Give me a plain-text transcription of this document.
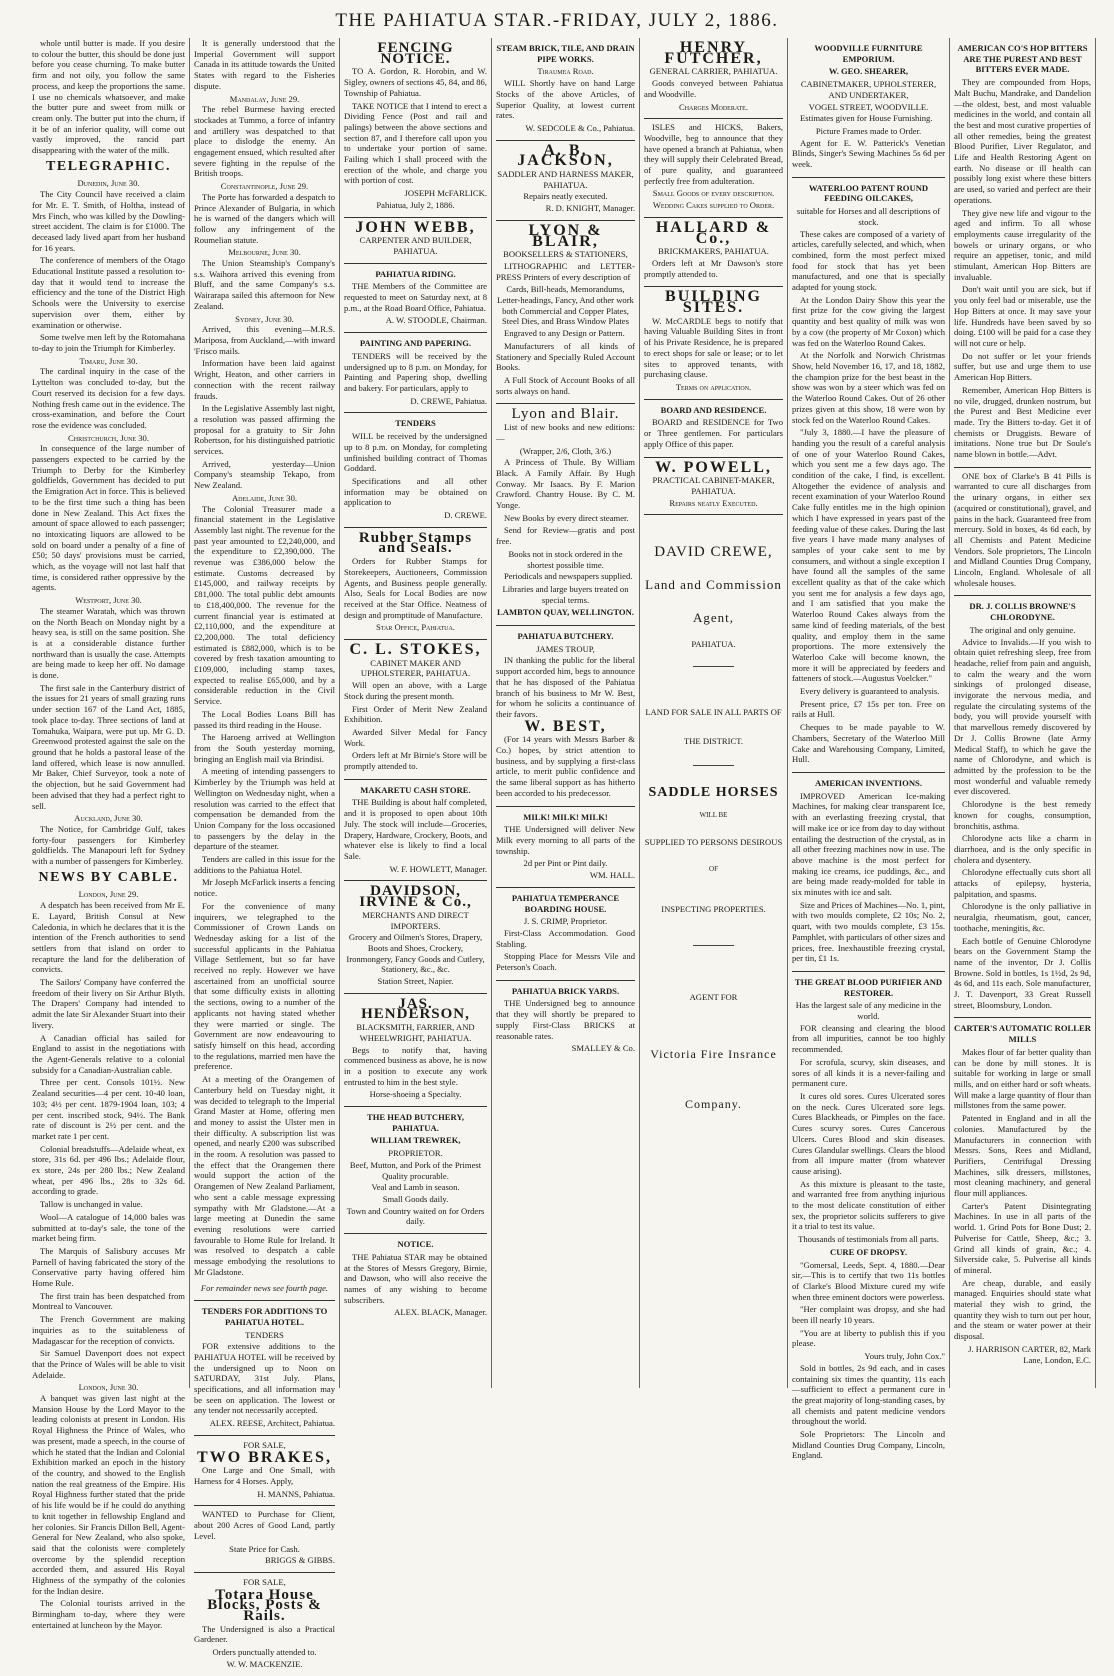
THE PAHIATUA STAR.-FRIDAY, JULY 2, 1886.

whole until butter is made. If you desire to colour the butter, this should be done just before you cease churning. To make butter firm and not oily, you follow the same process, and keep the proportions the same. I use no chemicals whatsoever, and make the butter pure and sweet from milk or cream only. The butter put into the churn, if it be of an inferior quality, will come out vastly improved, the rancid part disappearing with the water of the milk.

TELEGRAPHIC.

Dunedin, June 30.

The City Council have received a claim for Mr. E. T. Smith, of Holtha, instead of Mrs Finch, who was killed by the Dowling-street accident. The claim is for £1000. The deceased lady lived apart from her husband for 16 years.

The conference of members of the Otago Educational Institute passed a resolution to-day that it would tend to increase the efficiency and the tone of the District High Schools were the University to exercise supervision over them, either by examination or otherwise.

Some twelve men left by the Rotomahana to-day to join the Triumph for Kimberley.

Timaru, June 30.

The cardinal inquiry in the case of the Lyttelton was concluded to-day, but the Court reserved its decision for a few days. Nothing fresh came out in the evidence. The cross-examination, and before the Court rose the evidence was concluded.

Christchurch, June 30.

In consequence of the large number of passengers expected to be carried by the Triumph to Derby for the Kimberley goldfields, Government has decided to put the Emigration Act in force. This is believed to be the first time such a thing has been done in New Zealand. This Act fixes the amount of space allowed to each passenger; no intoxicating liquors are allowed to be sold on board under a penalty of a fine of £50; 50 days' provisions must be carried, which, as the voyage will not last half that time, is considered rather oppressive by the agents.

Westport, June 30.

The steamer Waratah, which was thrown on the North Beach on Monday night by a heavy sea, is still on the same position. She is at a considerable distance further northward than is usually the case. Attempts are being made to keep her off. No damage is done.

The first sale in the Canterbury district of the issues for 21 years of small grazing runs under section 167 of the Land Act, 1885, took place to-day. Three sections of land at Tomahuka, Waipara, were put up. Mr G. D. Greenwood protested against the sale on the ground that he holds a pastoral lease of the land offered, which lease is now annulled. Mr Baker, Chief Surveyor, took a note of the objection, but he said Government had been advised that they had a perfect right to sell.

Auckland, June 30.

The Notice, for Cambridge Gulf, takes forty-four passengers for Kimberley goldfields. The Manapouri left for Sydney with a number of passengers for Kimberley.

NEWS BY CABLE.

London, June 29.

A despatch has been received from Mr E. E. Layard, British Consul at New Caledonia, in which he declares that it is the intention of the French authorities to send settlers from that island on order to recapture the land for the deliberation of convicts.

The Sailors' Company have conferred the freedom of their livery on Sir Arthur Blyth. The Drapers' Company had intended to admit the late Sir Alexander Stuart into their livery.

A Canadian official has sailed for England to assist in the negotiations with the Agent-Generals relative to a colonial subsidy for a Canadian-Australian cable.

Three per cent. Consols 101½. New Zealand securities—4 per cent. 10-40 loan, 103; 4½ per cent. 1879-1904 loan, 103; 4 per cent. inscribed stock, 94½. The Bank rate of discount is 2½ per cent. and the market rate 1 per cent.

Colonial breadstuffs—Adelaide wheat, ex store, 31s 6d. per 496 lbs.; Adelaide flour, ex store, 24s per 280 lbs.; New Zealand wheat, per 496 lbs., 28s to 32s 6d. according to grade.

Tallow is unchanged in value.

Wool—A catalogue of 14,000 bales was submitted at to-day's sale, the tone of the market being firm.

The Marquis of Salisbury accuses Mr Parnell of having fabricated the story of the Conservative party having offered him Home Rule.

The first train has been despatched from Montreal to Vancouver.

The French Government are making inquiries as to the suitableness of Madagascar for the reception of convicts.

Sir Samuel Davenport does not expect that the Prince of Wales will be able to visit Adelaide.

London, June 30.

A banquet was given last night at the Mansion House by the Lord Mayor to the leading colonists at present in London. His Royal Highness the Prince of Wales, who was present, made a speech, in the course of which he stated that the Indian and Colonial Exhibition marked an epoch in the history of the country, and showed to the English nation the real greatness of the Empire. His Royal Highness further stated that the pride of his life would be if he could do anything to knit together in fellowship England and her colonies. Sir Francis Dillon Bell, Agent-General for New Zealand, who also spoke, said that the colonists were completely overcome by the splendid reception accorded them, and assured His Royal Highness of the sympathy of the colonies for the Indian desire.

The Colonial tourists arrived in the Birmingham to-day, where they were entertained at luncheon by the Mayor.

It is generally understood that the Imperial Government will support Canada in its attitude towards the United States with regard to the Fisheries dispute.

Mandalay, June 29.

The rebel Burmese having erected stockades at Tummo, a force of infantry and artillery was despatched to that place to dislodge the enemy. An engagement ensued, which resulted after severe fighting in the repulse of the British troops.

Constantinople, June 29.

The Porte has forwarded a despatch to Prince Alexander of Bulgaria, in which he is warned of the dangers which will follow any infringement of the Roumelian statute.

Melbourne, June 30.

The Union Steamship's Company's s.s. Waihora arrived this evening from Bluff, and the same Company's s.s. Wairarapa sailed this afternoon for New Zealand.

Sydney, June 30.

Arrived, this evening—M.R.S. Mariposa, from Auckland,—with inward 'Frisco mails.

Information have been laid against Wright, Heaton, and other carriers in connection with the recent railway frauds.

In the Legislative Assembly last night, a resolution was passed affirming the proposal for a gratuity to Sir John Robertson, for his distinguished patriotic services.

Arrived, yesterday—Union Company's steamship Tekapo, from New Zealand.

Adelaide, June 30.

The Colonial Treasurer made a financial statement in the Legislative Assembly last night. The revenue for the past year amounted to £2,240,000, and the expenditure to £2,390,000. The revenue was £386,000 below the estimate. Customs decreased by £145,000, and railway receipts by £81,000. The total public debt amounts to £18,400,000. The revenue for the current financial year is estimated at £2,110,000, and the expenditure at £2,200,000. The total deficiency estimated is £882,000, which is to be covered by fresh taxation amounting to £109,000, including stamp taxes, expected to realise £65,000, and by a considerable reduction in the Civil Service.

The Local Bodies Loans Bill has passed its third reading in the House.

The Haroeng arrived at Wellington from the South yesterday morning, bringing an English mail via Brindisi.

A meeting of intending passengers to Kimberley by the Triumph was held at Wellington on Wednesday night, when a resolution was carried to the effect that compensation be demanded from the Union Company for the loss occasioned to passengers by the delay in the departure of the steamer.

Tenders are called in this issue for the additions to the Pahiatua Hotel.

Mr Joseph McFarlick inserts a fencing notice.

For the convenience of many inquirers, we telegraphed to the Commissioner of Crown Lands on Wednesday asking for a list of the successful applicants in the Pahiatua Village Settlement, but so far have received no reply. However we have ascertained from an unofficial source that some difficulty exists in allotting the sections, owing to a number of the applicants not having stated whether they were married or single. The Government are now endeavouring to satisfy himself on this head, according to the regulations, married men have the preference.

At a meeting of the Orangemen of Canterbury held on Tuesday night, it was decided to telegraph to the Imperial Grand Master at Home, offering men and money to assist the Ulster men in their difficulty. A subscription list was opened, and nearly £200 was subscribed in the room. A resolution was passed to the effect that the Orangemen there would support the action of the Orangemen of New Zealand Parliament, who sent a cable message expressing sympathy with Mr Gladstone.—At a large meeting at Dunedin the same evening resolutions were carried favourable to Home Rule for Ireland. It was resolved to despatch a cable message embodying the resolutions to Mr Gladstone.

For remainder news see fourth page.

TENDERS FOR ADDITIONS TO PAHIATUA HOTEL.

TENDERS

FOR extensive additions to the PAHIATUA HOTEL will be received by the undersigned up to Noon on SATURDAY, 31st July. Plans, specifications, and all information may be seen on application. The lowest or any tender not necessarily accepted.

ALEX. REESE, Architect, Pahiatua.

FOR SALE,

TWO BRAKES,

One Large and One Small, with Harness for 4 Horses. Apply,

H. MANNS, Pahiatua.

WANTED to Purchase for Client, about 200 Acres of Good Land, partly Level.

State Price for Cash.

BRIGGS & GIBBS.

FOR SALE,

Totara House Blocks, Posts & Rails.

The Undersigned is also a Practical Gardener.

Orders punctually attended to.

W. W. MACKENZIE.

FENCING NOTICE.

TO A. Gordon, R. Horobin, and W. Sigley, owners of sections 45, 84, and 86, Township of Pahiatua.

TAKE NOTICE that I intend to erect a Dividing Fence (Post and rail and palings) between the above sections and section 87, and I therefore call upon you to undertake your portion of same. Failing which I shall proceed with the erection of the whole, and charge you with portion of cost.

JOSEPH McFARLICK.

Pahiatua, July 2, 1886.

JOHN WEBB,

CARPENTER AND BUILDER, PAHIATUA.

PAHIATUA RIDING.

THE Members of the Committee are requested to meet on Saturday next, at 8 p.m., at the Road Board Office, Pahiatua.

A. W. STOODLE, Chairman.

PAINTING AND PAPERING.

TENDERS will be received by the undersigned up to 8 p.m. on Monday, for Painting and Papering shop, dwelling and bakery. For particulars, apply to

D. CREWE, Pahiatua.

TENDERS

WILL be received by the undersigned up to 8 p.m. on Monday, for completing unfinished building contract of Thomas Goddard.

Specifications and all other information may be obtained on application to

D. CREWE.

Rubber Stamps and Seals.

Orders for Rubber Stamps for Storekeepers, Auctioneers, Commission Agents, and Business people generally. Also, Seals for Local Bodies are now received at the Star Office. Neatness of design and promptitude of Manufacture.

Star Office, Pahiatua.

C. L. STOKES,

CABINET MAKER AND UPHOLSTERER, PAHIATUA.

Will open an above, with a Large Stock during the present month.

First Order of Merit New Zealand Exhibition.

Awarded Silver Medal for Fancy Work.

Orders left at Mr Birnie's Store will be promptly attended to.

MAKARETU CASH STORE.

THE Building is about half completed, and it is proposed to open about 10th July. The stock will include—Groceries, Drapery, Hardware, Crockery, Boots, and whatever else is likely to find a local Sale.

W. F. HOWLETT, Manager.

DAVIDSON, IRVINE & Co.,

MERCHANTS AND DIRECT IMPORTERS.

Grocery and Oilmen's Stores, Drapery, Boots and Shoes, Crockery, Ironmongery, Fancy Goods and Cutlery, Stationery, &c., &c.

Station Street, Napier.

JAS. HENDERSON,

BLACKSMITH, FARRIER, AND WHEELWRIGHT, PAHIATUA.

Begs to notify that, having commenced business as above, he is now in a position to execute any work entrusted to him in the best style.

Horse-shoeing a Specialty.

THE HEAD BUTCHERY, PAHIATUA.

WILLIAM TREWREK,

PROPRIETOR.

Beef, Mutton, and Pork of the Primest Quality procurable.

Veal and Lamb in season.

Small Goods daily.

Town and Country waited on for Orders daily.

NOTICE.

THE Pahiatua STAR may be obtained at the Stores of Messrs Gregory, Birnie, and Dawson, who will also receive the names of any wishing to become subscribers.

ALEX. BLACK, Manager.

STEAM BRICK, TILE, AND DRAIN PIPE WORKS.

Tiraumea Road.

WILL Shortly have on hand Large Stocks of the above Articles, of Superior Quality, at lowest current rates.

W. SEDCOLE & Co., Pahiatua.

A. B. JACKSON,

SADDLER AND HARNESS MAKER, PAHIATUA.

Repairs neatly executed.

R. D. KNIGHT, Manager.

LYON & BLAIR,

BOOKSELLERS & STATIONERS,

LITHOGRAPHIC and LETTER-PRESS Printers of every description of

Cards, Bill-heads, Memorandums, Letter-headings, Fancy, And other work both Commercial and Copper Plates, Steel Dies, and Brass Window Plates

Engraved to any Design or Pattern.

Manufacturers of all kinds of Stationery and Specially Ruled Account Books.

A Full Stock of Account Books of all sorts always on hand.

Lyon and Blair.

List of new books and new editions:—

(Wrapper, 2/6, Cloth, 3/6.)

A Princess of Thule. By William Black. A Family Affair. By Hugh Conway. Mr Isaacs. By F. Marion Crawford. Chantry House. By C. M. Yonge.

New Books by every direct steamer.

Send for Review—gratis and post free.

Books not in stock ordered in the shortest possible time.

Periodicals and newspapers supplied.

Libraries and large buyers treated on special terms.

LAMBTON QUAY, WELLINGTON.

PAHIATUA BUTCHERY.

JAMES TROUP,

IN thanking the public for the liberal support accorded him, begs to announce that he has disposed of the Pahiatua branch of his business to Mr W. Best, for whom he solicits a continuance of their favors.

W. BEST,

(For 14 years with Messrs Barber & Co.) hopes, by strict attention to business, and by supplying a first-class article, to merit public confidence and the same liberal support as has hitherto been accorded to his predecessor.

MILK! MILK! MILK!

THE Undersigned will deliver New Milk every morning to all parts of the township.

2d per Pint or Pint daily.

WM. HALL.

PAHIATUA TEMPERANCE BOARDING HOUSE.

J. S. CRIMP, Proprietor.

First-Class Accommodation. Good Stabling.

Stopping Place for Messrs Vile and Peterson's Coach.

PAHIATUA BRICK YARDS.

THE Undersigned beg to announce that they will shortly be prepared to supply First-Class BRICKS at reasonable rates.

SMALLEY & Co.

HENRY FUTCHER,

GENERAL CARRIER, PAHIATUA.

Goods conveyed between Pahiatua and Woodville.

Charges Moderate.

ISLES and HICKS, Bakers, Woodville, beg to announce that they have opened a branch at Pahiatua, when they will supply their Celebrated Bread, of pure quality, and guaranteed perfectly free from adulteration.

Small Goods of every description.

Wedding Cakes supplied to Order.

HALLARD & Co.,

BRICKMAKERS, PAHIATUA.

Orders left at Mr Dawson's store promptly attended to.

BUILDING SITES.

W. McCARDLE begs to notify that having Valuable Building Sites in front of his Private Residence, he is prepared to erect shops for sale or lease; or to let sites to approved tenants, with purchasing clause.

Terms on application.

BOARD AND RESIDENCE.

BOARD and RESIDENCE for Two or Three gentlemen. For particulars apply Office of this paper.

W. POWELL,

PRACTICAL CABINET-MAKER, PAHIATUA.

Repairs neatly Executed.

DAVID CREWE,

Land and Commission

Agent,

PAHIATUA.

LAND FOR SALE IN ALL PARTS OF

THE DISTRICT.

SADDLE HORSES

WILL BE

SUPPLIED TO PERSONS DESIROUS

OF

INSPECTING PROPERTIES.

AGENT FOR

Victoria Fire Insrance

Company.

WOODVILLE FURNITURE EMPORIUM.

W. GEO. SHEARER,

CABINETMAKER, UPHOLSTERER, AND UNDERTAKER,

VOGEL STREET, WOODVILLE.

Estimates given for House Furnishing.

Picture Frames made to Order.

Agent for E. W. Patterick's Venetian Blinds, Singer's Sewing Machines 5s 6d per week.

WATERLOO PATENT ROUND FEEDING OILCAKES,

suitable for Horses and all descriptions of stock.

These cakes are composed of a variety of articles, carefully selected, and which, when combined, form the most perfect mixed food for stock that has yet been manufactured, and one that is specially adapted for young stock.

At the London Dairy Show this year the first prize for the cow giving the largest quantity and best quality of milk was won by a cow (the property of Mr Coxon) which was fed on the Waterloo Round Cakes.

At the Norfolk and Norwich Christmas Show, held November 16, 17, and 18, 1882, the champion prize for the best beast in the show was won by a steer which was fed on the Waterloo Round Cakes. Out of 26 other prizes given at this show, 18 were won by stock fed on the Waterloo Round Cakes.

"July 3, 1880.—I have the pleasure of handing you the result of a careful analysis of one of your Waterloo Round Cakes, which you sent me a few days ago. The condition of the cake, I find, is excellent. Altogether the evidence of analysis and recent examination of your Waterloo Round Cake fully entitles me in the high opinion which I have expressed in years past of the feeding value of these cakes. During the last five years I have made many analyses of samples of your cake sent to me by consumers, and without a single exception I have found all the samples of the same excellent quality as that of the cake which you sent me for analysis a few days ago, and I am satisfied that you make the Waterloo Round Cakes always from the same kind of feeding materials, of the best quality, and employ them in the same proportions. The more extensively the Waterloo Cake will become known, the more it will be appreciated by feeders and fatteners of stock.—Augustus Voelcker."

Every delivery is guaranteed to analysis.

Present price, £7 15s per ton. Free on rails at Hull.

Cheques to be made payable to W. Chambers, Secretary of the Waterloo Mill Cake and Warehousing Company, Limited, Hull.

AMERICAN INVENTIONS.

IMPROVED American Ice-making Machines, for making clear transparent Ice, with an everlasting freezing crystal, that will make ice or ice from day to day without entailing the destruction of the crystal, as in all other freezing machines now in use. The above machine is the most perfect for making ice creams, ice puddings, &c., and are being made ready-molded for table in six minutes with ice and salt.

Size and Prices of Machines—No. 1, pint, with two moulds complete, £2 10s; No. 2, quart, with two moulds complete, £3 15s. Pamphlet, with particulars of other sizes and prices, free. Inexhaustible freezing crystal, per tin, £1 1s.

THE GREAT BLOOD PURIFIER AND RESTORER.

Has the largest sale of any medicine in the world.

FOR cleansing and clearing the blood from all impurities, cannot be too highly recommended.

For scrofula, scurvy, skin diseases, and sores of all kinds it is a never-failing and permanent cure.

It cures old sores. Cures Ulcerated sores on the neck. Cures Ulcerated sore legs. Cures Blackheads, or Pimples on the face. Cures scurvy sores. Cures Cancerous Ulcers. Cures Blood and skin diseases. Cures Glandular swellings. Clears the blood from all impure matter (from whatever cause arising).

As this mixture is pleasant to the taste, and warranted free from anything injurious to the most delicate constitution of either sex, the proprietor solicits sufferers to give it a trial to test its value.

Thousands of testimonials from all parts.

CURE OF DROPSY.

"Gomersal, Leeds, Sept. 4, 1880.—Dear sir,—This is to certify that two 11s bottles of Clarke's Blood Mixture cured my wife when three eminent doctors were powerless.

"Her complaint was dropsy, and she had been ill nearly 10 years.

"You are at liberty to publish this if you please.

Yours truly, John Cox."

Sold in bottles, 2s 9d each, and in cases containing six times the quantity, 11s each—sufficient to effect a permanent cure in the great majority of long-standing cases, by all chemists and patent medicine vendors throughout the world.

Sole Proprietors: The Lincoln and Midland Counties Drug Company, Lincoln, England.

AMERICAN CO'S HOP BITTERS ARE THE PUREST AND BEST BITTERS EVER MADE.

They are compounded from Hops, Malt Buchu, Mandrake, and Dandelion—the oldest, best, and most valuable medicines in the world, and contain all the best and most curative properties of all other remedies, being the greatest Blood Purifier, Liver Regulator, and Life and Health Restoring Agent on earth. No disease or ill health can possibly long exist where these bitters are used, so varied and perfect are their operations.

They give new life and vigour to the aged and infirm. To all whose employments cause irregularity of the bowels or urinary organs, or who require an appetiser, tonic, and mild stimulant, American Hop Bitters are invaluable.

Don't wait until you are sick, but if you only feel bad or miserable, use the Hop Bitters at once. It may save your life. Hundreds have been saved by so doing. £100 will be paid for a case they will not cure or help.

Do not suffer or let your friends suffer, but use and urge them to use American Hop Bitters.

Remember, American Hop Bitters is no vile, drugged, drunken nostrum, but the Purest and Best Medicine ever made. Try the Bitters to-day. Get it of chemists or Druggists. Beware of imitations. None true but Dr Soule's name blown in bottle.—Advt.

ONE box of Clarke's B 41 Pills is warranted to cure all discharges from the urinary organs, in either sex (acquired or constitutional), gravel, and pains in the back. Guaranteed free from mercury. Sold in boxes, 4s 6d each, by all Chemists and Patent Medicine Vendors. Sole proprietors, The Lincoln and Midland Counties Drug Company, Lincoln, England. Wholesale of all wholesale houses.

DR. J. COLLIS BROWNE'S CHLORODYNE.

The original and only genuine.

Advice to Invalids.—If you wish to obtain quiet refreshing sleep, free from headache, relief from pain and anguish, to calm the weary and the worn sinkings of prolonged disease, invigorate the nervous media, and regulate the circulating systems of the body, you will provide yourself with that marvellous remedy discovered by Dr J. Collis Browne (late Army Medical Staff), to which he gave the name of Chlorodyne, and which is admitted by the profession to be the most wonderful and valuable remedy ever discovered.

Chlorodyne is the best remedy known for coughs, consumption, bronchitis, asthma.

Chlorodyne acts like a charm in diarrhoea, and is the only specific in cholera and dysentery.

Chlorodyne effectually cuts short all attacks of epilepsy, hysteria, palpitation, and spasms.

Chlorodyne is the only palliative in neuralgia, rheumatism, gout, cancer, toothache, meningitis, &c.

Each bottle of Genuine Chlorodyne bears on the Government Stamp the name of the inventor, Dr J. Collis Browne. Sold in bottles, 1s 1½d, 2s 9d, 4s 6d, and 11s each. Sole manufacturer, J. T. Davenport, 33 Great Russell street, Bloomsbury, London.

CARTER'S AUTOMATIC ROLLER MILLS

Makes flour of far better quality than can be done by mill stones. It is suitable for working in large or small mills, and on either hard or soft wheats. Will make a large quantity of flour than millstones from the same power.

Patented in England and in all the colonies. Manufactured by the Manufacturers in connection with Messrs. Sons, Rees and Midland, Purifiers, Centrifugal Dressing Machines, silk dressers, millstones, most cleaning machinery, and general flour mill appliances.

Carter's Patent Disintegrating Machines. In use in all parts of the world. 1. Grind Pots for Bone Dust; 2. Pulverise for Cattle, Sheep, &c.; 3. Grind all kinds of grain, &c.; 4. Silverside cake, 5. Pulverise all kinds of mineral.

Are cheap, durable, and easily managed. Enquiries should state what material they wish to grind, the quantity they wish to turn out per hour, and the steam or water power at their disposal.

J. HARRISON CARTER, 82, Mark Lane, London, E.C.
